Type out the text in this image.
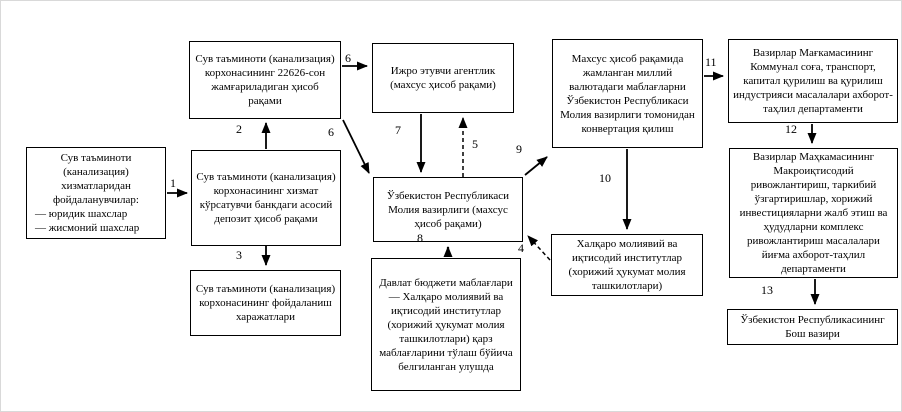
Сув таъминоти (канализация) хизматларидан фойдаланувчилар:
— юридик шахслар
— жисмоний шахслар
Сув таъминоти (канализация) корхонасининг 22626-сон жамғариладиган ҳисоб рақами
Сув таъминоти (канализация) корхонасининг хизмат кўрсатувчи банкдаги асосий депозит ҳисоб рақами
Сув таъминоти (канализация) корхонасининг фойдаланиш харажатлари
Ижро этувчи агентлик (махсус ҳисоб рақами)
Ўзбекистон Республикаси Молия вазирлиги (махсус ҳисоб рақами)
Давлат бюджети маблағлари — Халқаро молиявий ва иқтисодий институтлар (хорижий ҳукумат молия ташкилотлари) қарз маблағларини тўлаш бўйича белгиланган улушда
Махсус ҳисоб рақамида жамланган миллий валютадаги маблағларни Ўзбекистон Республикаси Молия вазирлиги томонидан конвертация қилиш
Халқаро молиявий ва иқтисодий институтлар (хорижий ҳукумат молия ташкилотлари)
Вазирлар Мағкамасининг Коммунал соға, транспорт, капитал қурилиш ва қурилиш индустрияси масалалари ахборот-таҳлил департаменти
Вазирлар Маҳкамасининг Макроиқтисодий ривожлантириш, таркибий ўзгартиришлар, хорижий инвестицияларни жалб этиш ва ҳудудларни комплекс ривожлантириш масалалари йиғма ахборот-таҳлил департаменти
Ўзбекистон Республикасининг Бош вазири
1
2
3	4
5
6
6	7
8
9
10
11
12
13
